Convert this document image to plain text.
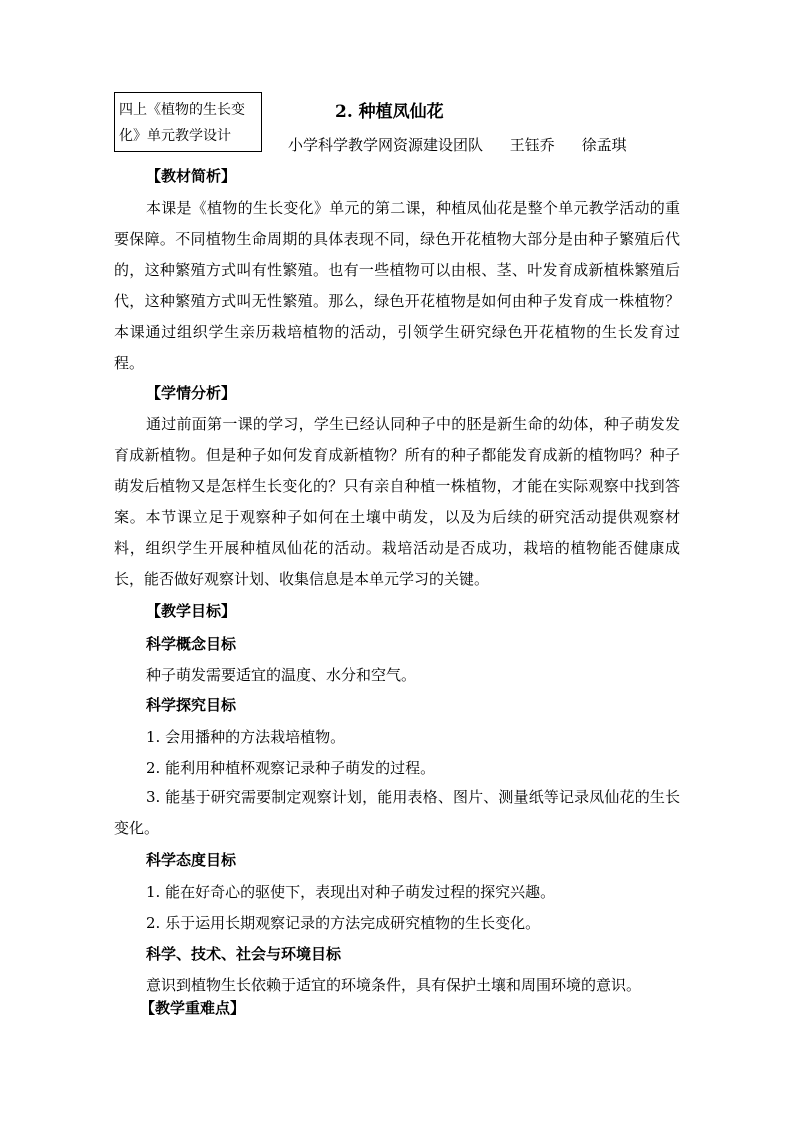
四上《植物的生长变化》单元教学设计
2. 种植凤仙花
小学科学教学网资源建设团队 王钰乔 徐孟琪
【教材简析】
本课是《植物的生长变化》单元的第二课，种植凤仙花是整个单元教学活动的重要保障。不同植物生命周期的具体表现不同，绿色开花植物大部分是由种子繁殖后代的，这种繁殖方式叫有性繁殖。也有一些植物可以由根、茎、叶发育成新植株繁殖后代，这种繁殖方式叫无性繁殖。那么，绿色开花植物是如何由种子发育成一株植物？本课通过组织学生亲历栽培植物的活动，引领学生研究绿色开花植物的生长发育过程。
【学情分析】
通过前面第一课的学习，学生已经认同种子中的胚是新生命的幼体，种子萌发发育成新植物。但是种子如何发育成新植物？所有的种子都能发育成新的植物吗？种子萌发后植物又是怎样生长变化的？只有亲自种植一株植物，才能在实际观察中找到答案。本节课立足于观察种子如何在土壤中萌发，以及为后续的研究活动提供观察材料，组织学生开展种植凤仙花的活动。栽培活动是否成功，栽培的植物能否健康成长，能否做好观察计划、收集信息是本单元学习的关键。
【教学目标】
科学概念目标
种子萌发需要适宜的温度、水分和空气。
科学探究目标
1. 会用播种的方法栽培植物。
2. 能利用种植杯观察记录种子萌发的过程。
3. 能基于研究需要制定观察计划，能用表格、图片、测量纸等记录凤仙花的生长变化。
科学态度目标
1. 能在好奇心的驱使下，表现出对种子萌发过程的探究兴趣。
2. 乐于运用长期观察记录的方法完成研究植物的生长变化。
科学、技术、社会与环境目标
意识到植物生长依赖于适宜的环境条件，具有保护土壤和周围环境的意识。
【教学重难点】
